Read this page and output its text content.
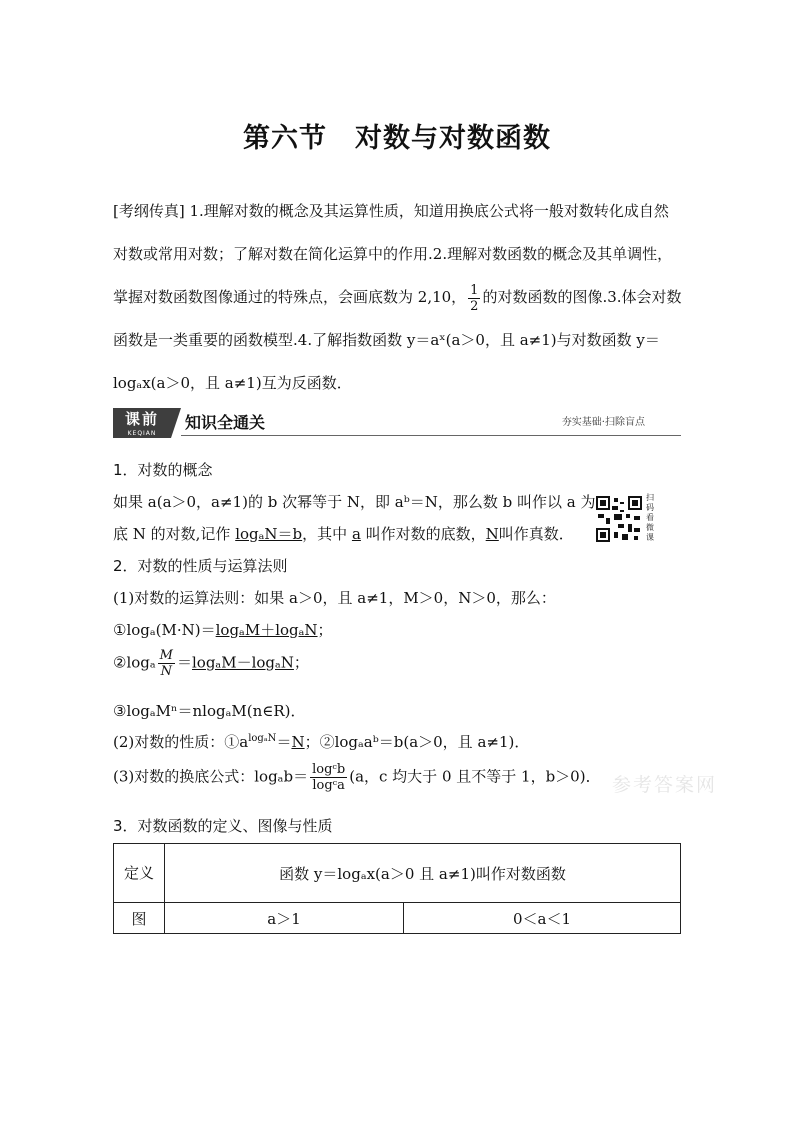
第六节　对数与对数函数
[考纲传真] 1.理解对数的概念及其运算性质，知道用换底公式将一般对数转化成自然对数或常用对数；了解对数在简化运算中的作用.2.理解对数函数的概念及其单调性，掌握对数函数图像通过的特殊点，会画底数为 2,10， $\frac{1}{2}$ 的对数函数的图像.3.体会对数函数是一类重要的函数模型.4.了解指数函数 y＝aˣ(a＞0，且 a≠1)与对数函数 y＝logₐx(a＞0，且 a≠1)互为反函数．
课前
KEQIAN
知识全通关	夯实基础·扫除盲点
1．对数的概念
如果 a(a＞0，a≠1)的 b 次幂等于 N，即 aᵇ＝N，那么数 b 叫作以 a 为
底 N 的对数,记作 logₐN＝b，其中 a 叫作对数的底数，N叫作真数．
扫码看微课
2．对数的性质与运算法则
(1)对数的运算法则：如果 a＞0，且 a≠1，M＞0，N＞0，那么：
①logₐ(M·N)＝logₐM＋logₐN；
②logₐ $\frac{M}{N} =\log_aM-\log_aN$；
③logₐMⁿ＝nlogₐM(n∈R)．
(2)对数的性质：$①a^{log_aN}=N$；②logₐaᵇ＝b(a＞0，且 a≠1)．
(3)对数的换底公式：$\log_ab= \frac{\text{logᶜb}}{\text{logᶜa}} (a$，c 均大于 0 且不等于 1，b＞0)． 参考答案网
3．对数函数的定义、图像与性质
定义	函数 y＝logₐx(a＞0 且 a≠1)叫作对数函数	
图	a＞1	0＜a＜1
